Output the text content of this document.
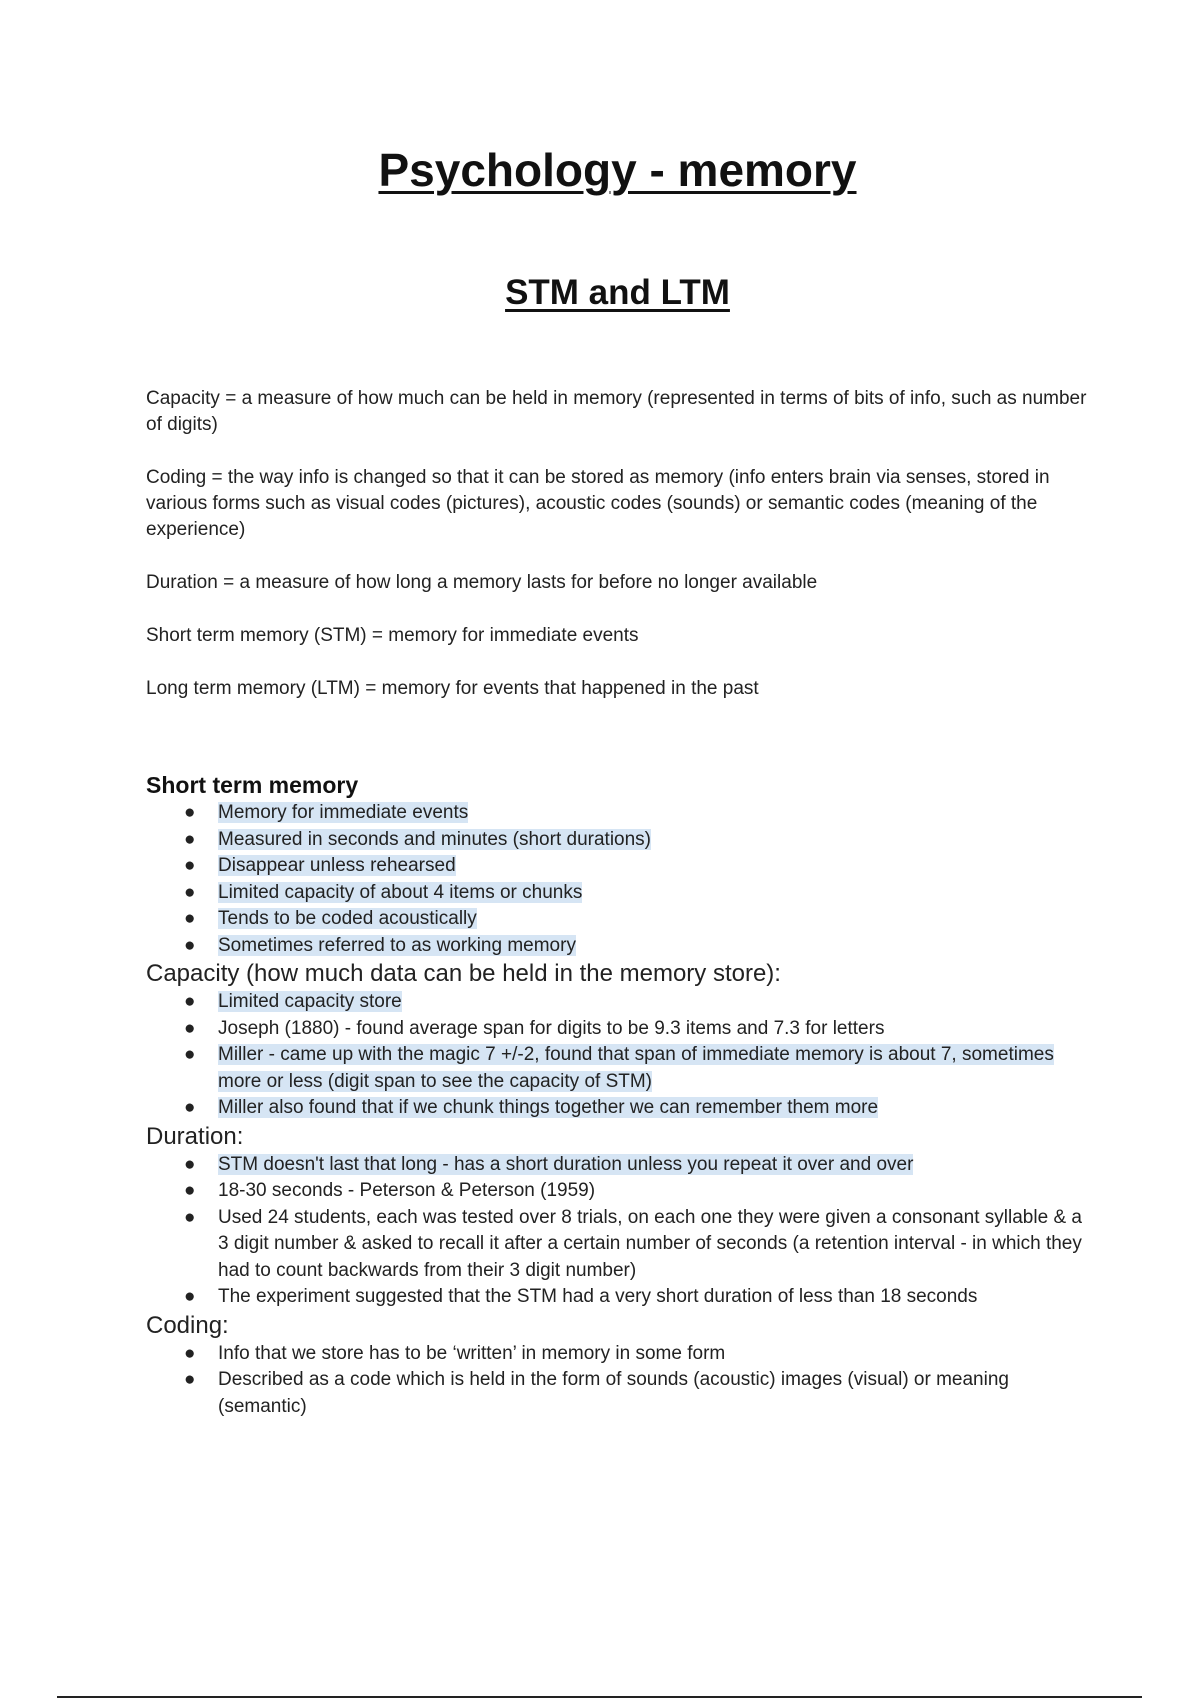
Psychology - memory
STM and LTM

Capacity = a measure of how much can be held in memory (represented in terms of bits of info, such as number of digits)

Coding = the way info is changed so that it can be stored as memory (info enters brain via senses, stored in various forms such as visual codes (pictures), acoustic codes (sounds) or semantic codes (meaning of the experience)

Duration = a measure of how long a memory lasts for before no longer available

Short term memory (STM) = memory for immediate events

Long term memory (LTM) = memory for events that happened in the past

Short term memory
● Memory for immediate events
● Measured in seconds and minutes (short durations)
● Disappear unless rehearsed
● Limited capacity of about 4 items or chunks
● Tends to be coded acoustically
● Sometimes referred to as working memory
Capacity (how much data can be held in the memory store):
● Limited capacity store
● Joseph (1880) - found average span for digits to be 9.3 items and 7.3 for letters
● Miller - came up with the magic 7 +/-2, found that span of immediate memory is about 7, sometimes more or less (digit span to see the capacity of STM)
● Miller also found that if we chunk things together we can remember them more
Duration:
● STM doesn't last that long - has a short duration unless you repeat it over and over
● 18-30 seconds - Peterson & Peterson (1959)
● Used 24 students, each was tested over 8 trials, on each one they were given a consonant syllable & a 3 digit number & asked to recall it after a certain number of seconds (a retention interval - in which they had to count backwards from their 3 digit number)
● The experiment suggested that the STM had a very short duration of less than 18 seconds
Coding:
● Info that we store has to be ‘written’ in memory in some form
● Described as a code which is held in the form of sounds (acoustic) images (visual) or meaning (semantic)
